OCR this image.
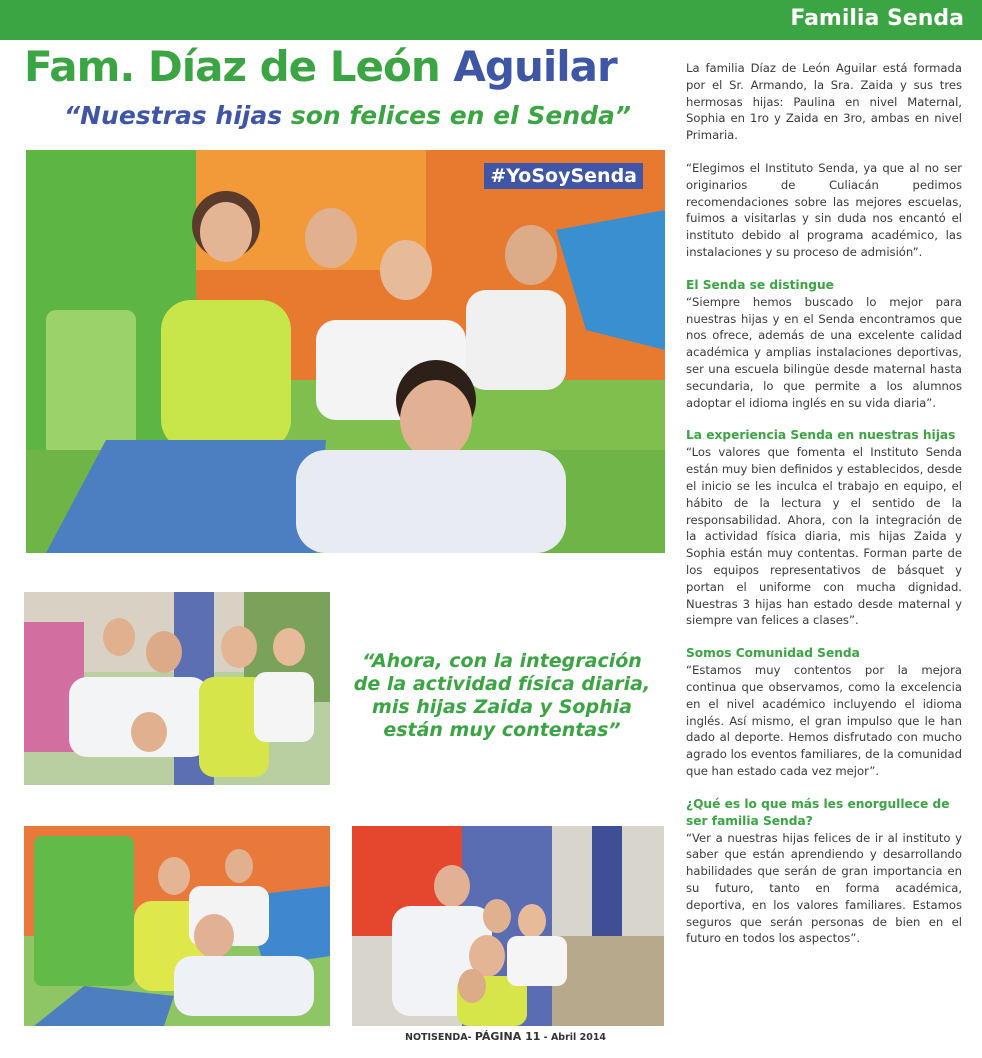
Familia Senda
Fam. Díaz de León Aguilar
“Nuestras hijas son felices en el Senda”
#YoSoySenda
“Ahora, con la integración de la actividad física diaria, mis hijas Zaida y Sophia están muy contentas”

La familia Díaz de León Aguilar está formada por el Sr. Armando, la Sra. Zaida y sus tres hermosas hijas: Paulina en nivel Maternal, Sophia en 1ro y Zaida en 3ro, ambas en nivel Primaria.

“Elegimos el Instituto Senda, ya que al no ser originarios de Culiacán pedimos recomendaciones sobre las mejores escuelas, fuimos a visitarlas y sin duda nos encantó el instituto debido al programa académico, las instalaciones y su proceso de admisión”.

El Senda se distingue

“Siempre hemos buscado lo mejor para nuestras hijas y en el Senda encontramos que nos ofrece, además de una excelente calidad académica y amplias instalaciones deportivas, ser una escuela bilingüe desde maternal hasta secundaria, lo que permite a los alumnos adoptar el idioma inglés en su vida diaria”.

La experiencia Senda en nuestras hijas

“Los valores que fomenta el Instituto Senda están muy bien definidos y establecidos, desde el inicio se les inculca el trabajo en equipo, el hábito de la lectura y el sentido de la responsabilidad. Ahora, con la integración de la actividad física diaria, mis hijas Zaida y Sophia están muy contentas. Forman parte de los equipos representativos de básquet y portan el uniforme con mucha dignidad. Nuestras 3 hijas han estado desde maternal y siempre van felices a clases”.

Somos Comunidad Senda

“Estamos muy contentos por la mejora continua que observamos, como la excelencia en el nivel académico incluyendo el idioma inglés. Así mismo, el gran impulso que le han dado al deporte. Hemos disfrutado con mucho agrado los eventos familiares, de la comunidad que han estado cada vez mejor”.

¿Qué es lo que más les enorgullece de ser familia Senda?

“Ver a nuestras hijas felices de ir al instituto y saber que están aprendiendo y desarrollando habilidades que serán de gran importancia en su futuro, tanto en forma académica, deportiva, en los valores familiares. Estamos seguros que serán personas de bien en el futuro en todos los aspectos”.

NOTISENDA- PÁGINA 11 - Abril 2014
